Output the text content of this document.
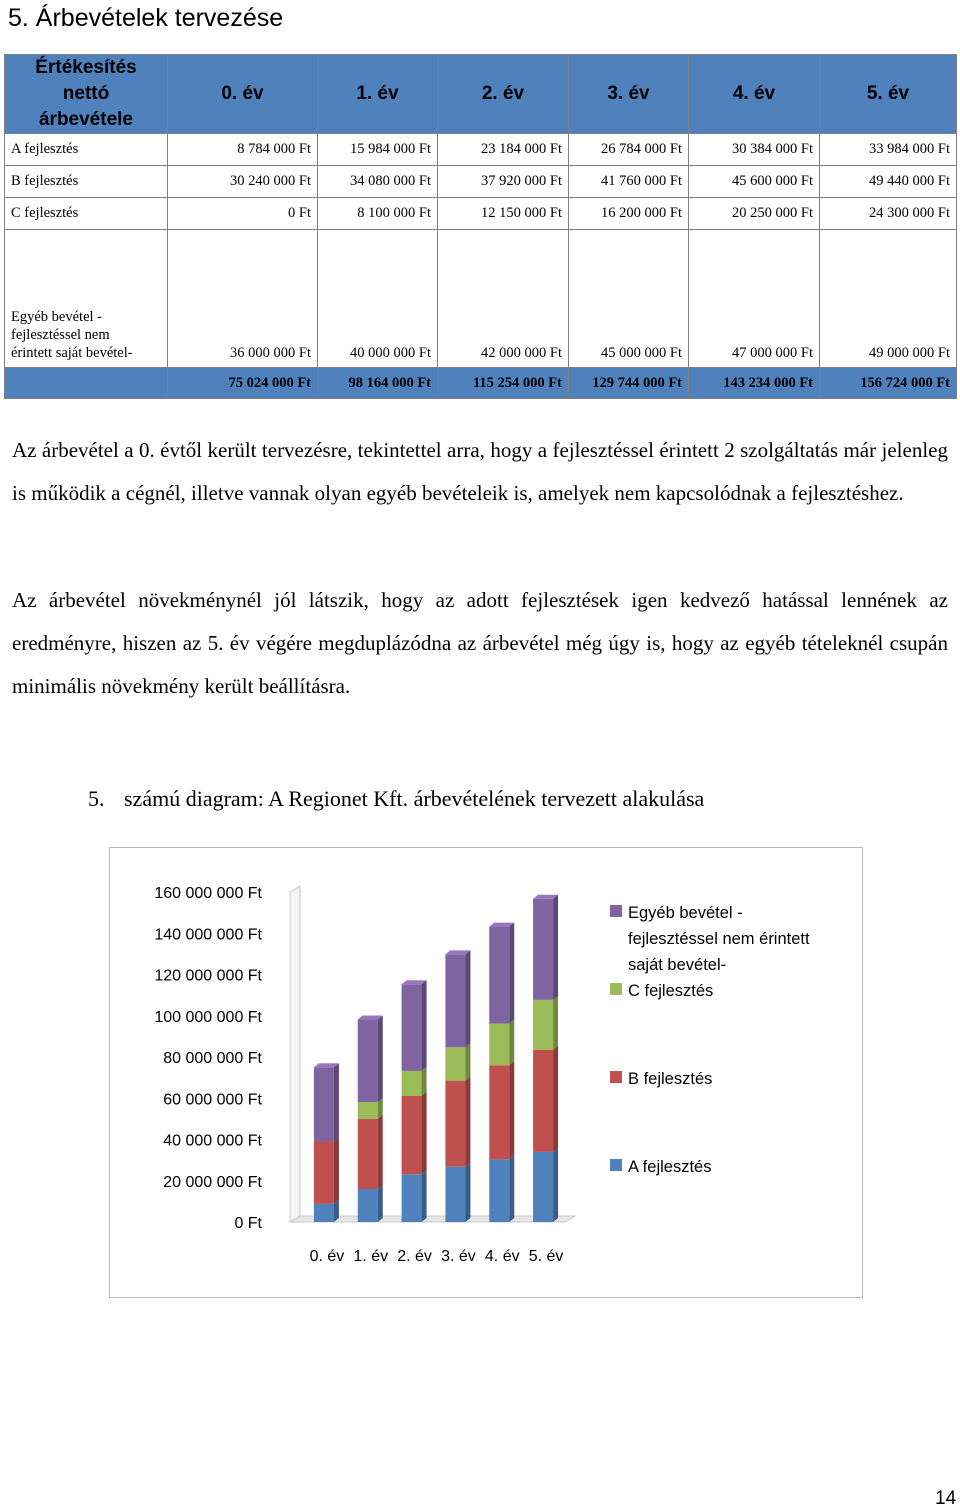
5. Árbevételek tervezése
Értékesítés
nettó
árbevétele	0. év	1. év	2. év	3. év	4. év	5. év
A fejlesztés	8 784 000 Ft	15 984 000 Ft	23 184 000 Ft	26 784 000 Ft	30 384 000 Ft	33 984 000 Ft
B fejlesztés	30 240 000 Ft	34 080 000 Ft	37 920 000 Ft	41 760 000 Ft	45 600 000 Ft	49 440 000 Ft
C fejlesztés	0 Ft	8 100 000 Ft	12 150 000 Ft	16 200 000 Ft	20 250 000 Ft	24 300 000 Ft

Egyéb bevétel -
fejlesztéssel nem
érintett saját bevétel-	36 000 000 Ft	40 000 000 Ft	42 000 000 Ft	45 000 000 Ft	47 000 000 Ft	49 000 000 Ft
	75 024 000 Ft	98 164 000 Ft	115 254 000 Ft	129 744 000 Ft	143 234 000 Ft	156 724 000 Ft

Az árbevétel a 0. évtől került tervezésre, tekintettel arra, hogy a fejlesztéssel érintett 2 szolgáltatás már jelenleg is működik a cégnél, illetve vannak olyan egyéb bevételeik is, amelyek nem kapcsolódnak a fejlesztéshez.

Az árbevétel növekménynél jól látszik, hogy az adott fejlesztések igen kedvező hatással lennének az eredményre, hiszen az 5. év végére megduplázódna az árbevétel még úgy is, hogy az egyéb tételeknél csupán minimális növekmény került beállításra.

5. számú diagram: A Regionet Kft. árbevételének tervezett alakulása

0 Ft
20 000 000 Ft
40 000 000 Ft
60 000 000 Ft
80 000 000 Ft
100 000 000 Ft
120 000 000 Ft
140 000 000 Ft
160 000 000 Ft
0. év 1. év 2. év 3. év 4. év 5. év
Egyéb bevétel -
fejlesztéssel nem érintett
saját bevétel-
C fejlesztés
B fejlesztés
A fejlesztés

14
